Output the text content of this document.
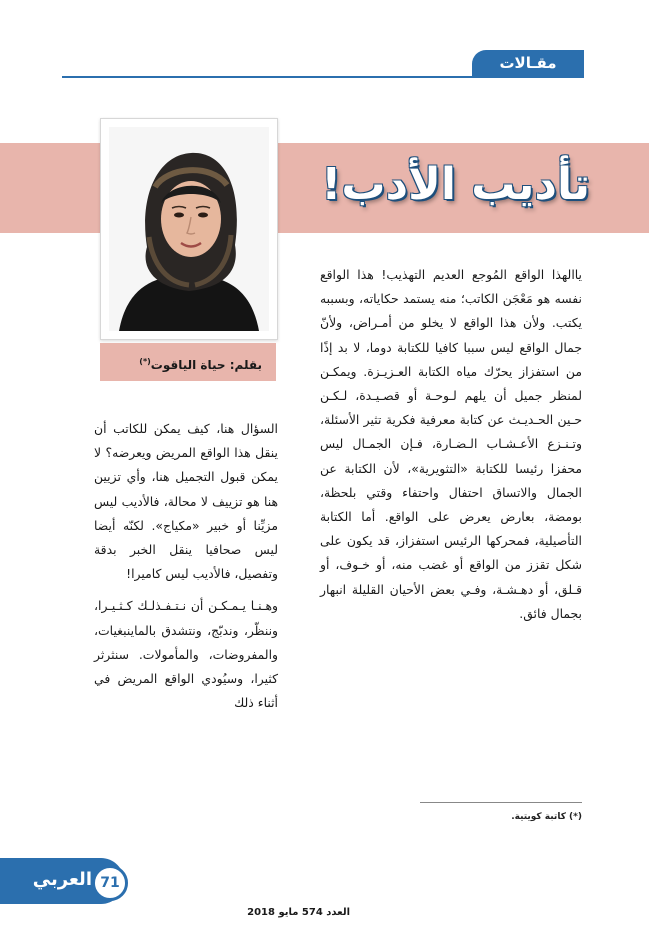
مقـالات
تأديب الأدب!
بقلم: حياة الياقوت(*)

ياالهذا الواقع المُوجع العديم التهذيب! هذا الواقع نفسه هو مَعْجَن الكاتب؛ منه يستمد حكاياته، وبسببه يكتب. ولأن هذا الواقع لا يخلو من أمـراض، ولأنّ جمال الواقع ليس سببا كافيا للكتابة دوما، لا بد إذًا من استفزاز يحرّك مياه الكتابة العـزيـزة. ويمكـن لمنظر جميل أن يلهم لـوحـة أو قصـيـدة، لـكـن حـين الحـديـث عن كتابة معرفية فكرية تثير الأسئلة، وتـنـزع الأعـشـاب الـضـارة، فـإن الجمـال ليس محفزا رئيسا للكتابة «التثويرية»، لأن الكتابة عن الجمال والاتساق احتفال واحتفاء وقتي بلحظة، بومضة، بعارض يعرض على الواقع. أما الكتابة التأصيلية، فمحركها الرئيس استفزاز، قد يكون على شكل تقزز من الواقع أو غضب منه، أو خـوف، أو قـلق، أو دهـشـة، وفـي بعض الأحيان القليلة انبهار بجمال فائق.

السؤال هنا، كيف يمكن للكاتب أن ينقل هذا الواقع المريض ويعرضه؟ لا يمكن قبول التجميل هنا، وأي تزيين هنا هو تزييف لا محالة، فالأديب ليس مزيِّنا أو خبير «مكياج». لكنّه أيضا ليس صحافيا ينقل الخبر بدقة وتفصيل، فالأديب ليس كاميرا!

وهـنـا يـمـكـن أن نـتـفـذلـك كـثـيـرا، وننظّر، وندبّج، ونتشدق بالماينبغيات، والمفروضات، والمأمولات. سنثرثر كثيرا، وسيُودي الواقع المريض في أثناء ذلك

(*) كاتبة كويتية.
العربي 71
العدد 574 مايو 2018
